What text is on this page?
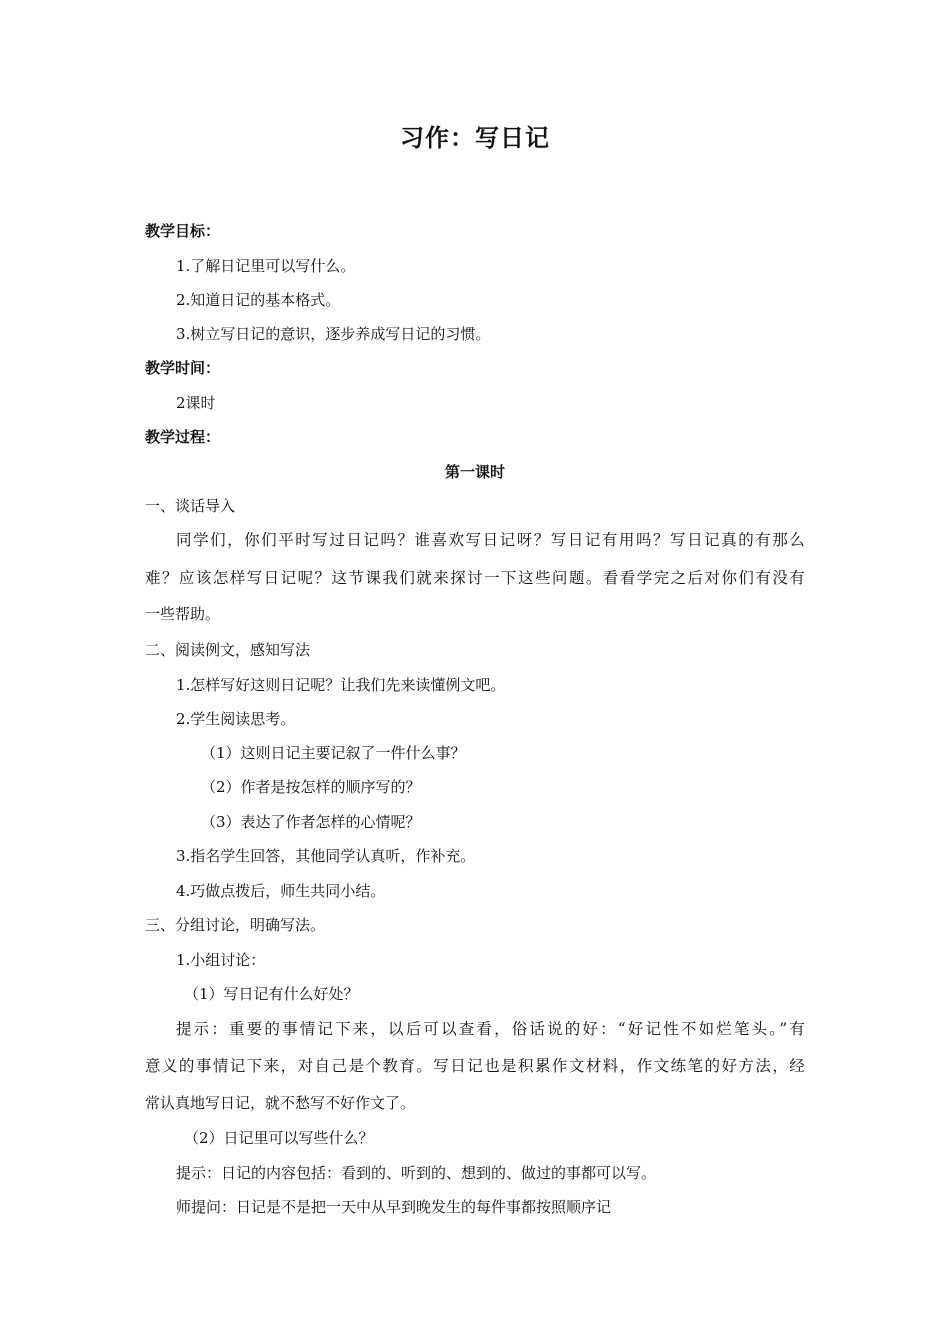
习作：写日记
教学目标：
1.了解日记里可以写什么。
2.知道日记的基本格式。
3.树立写日记的意识，逐步养成写日记的习惯。
教学时间：
2课时
教学过程：
第一课时
一、谈话导入
同学们，你们平时写过日记吗？谁喜欢写日记呀？写日记有用吗？写日记真的有那么
难？应该怎样写日记呢？这节课我们就来探讨一下这些问题。看看学完之后对你们有没有
一些帮助。
二、阅读例文，感知写法
1.怎样写好这则日记呢？让我们先来读懂例文吧。
2.学生阅读思考。
（1）这则日记主要记叙了一件什么事？
（2）作者是按怎样的顺序写的？
（3）表达了作者怎样的心情呢？
3.指名学生回答，其他同学认真听，作补充。
4.巧做点拨后，师生共同小结。
三、分组讨论，明确写法。
1.小组讨论：
（1）写日记有什么好处？
提示：重要的事情记下来，以后可以查看，俗话说的好：“好记性不如烂笔头。”有
意义的事情记下来，对自己是个教育。写日记也是积累作文材料，作文练笔的好方法，经
常认真地写日记，就不愁写不好作文了。
（2）日记里可以写些什么？
提示：日记的内容包括：看到的、听到的、想到的、做过的事都可以写。
师提问：日记是不是把一天中从早到晚发生的每件事都按照顺序记
